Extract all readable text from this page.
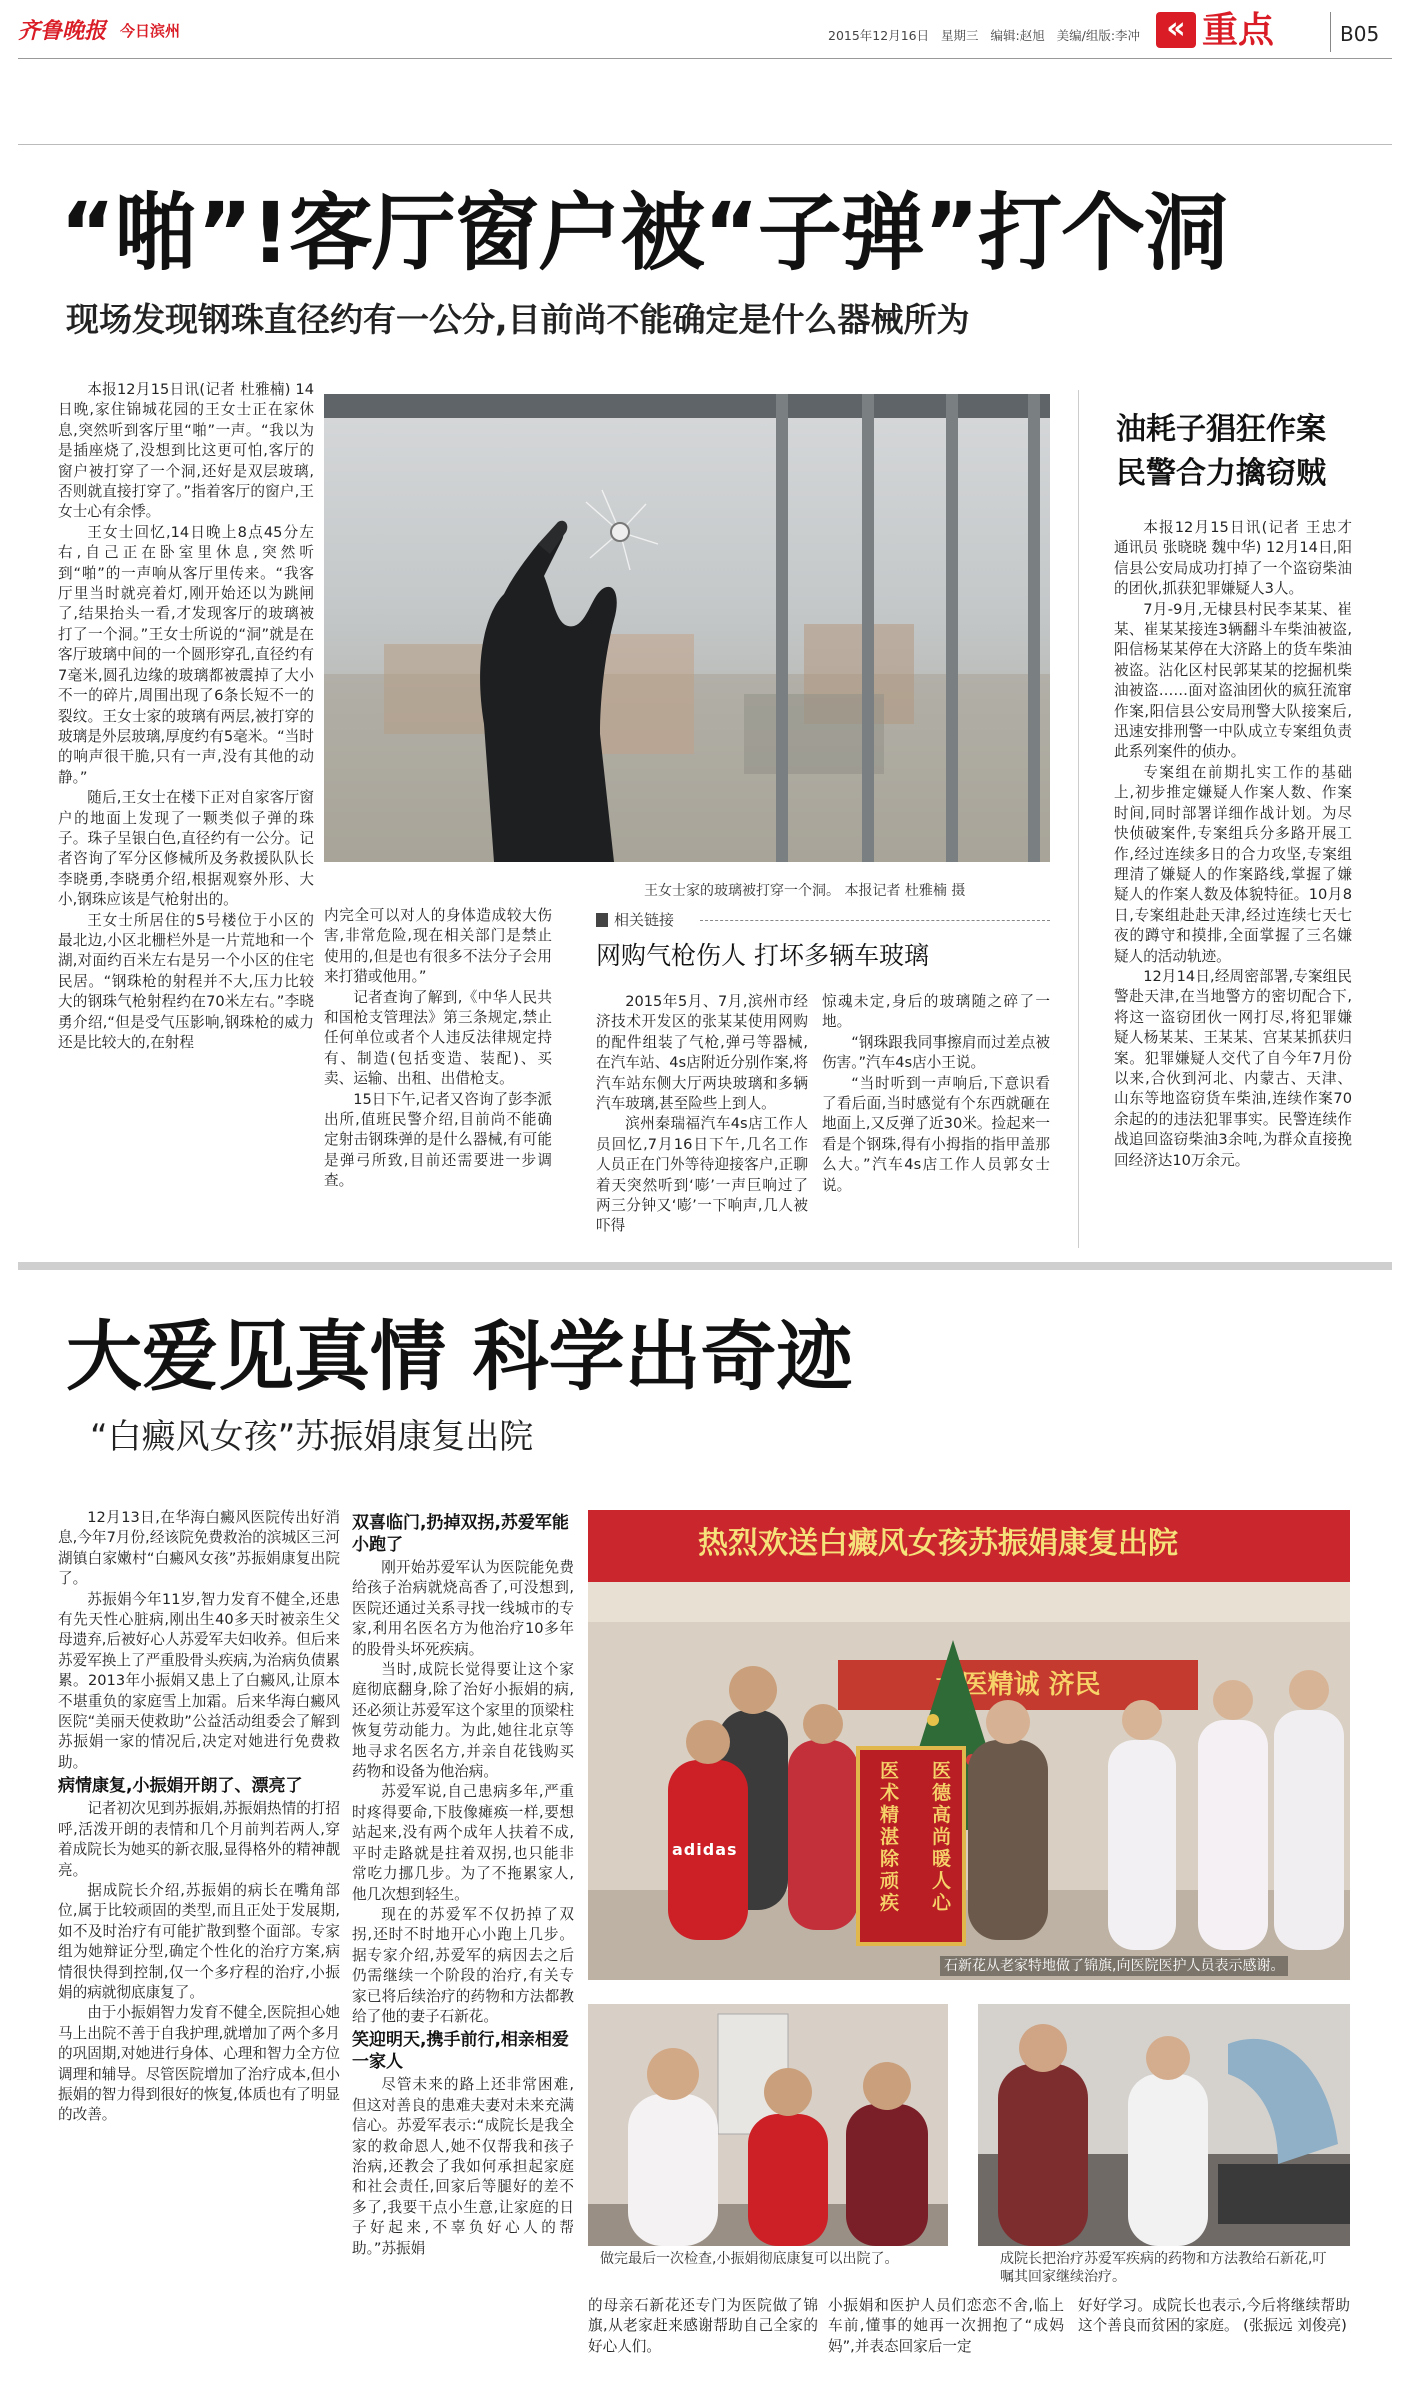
齐鲁晚报 今日滨州	2015年12月16日 星期三 编辑:赵旭 美编/组版:李冲 « 重点	B05
“啪”!客厅窗户被“子弹”打个洞
现场发现钢珠直径约有一公分,目前尚不能确定是什么器械所为

本报12月15日讯(记者 杜雅楠) 14日晚,家住锦城花园的王女士正在家休息,突然听到客厅里“啪”一声。“我以为是插座烧了,没想到比这更可怕,客厅的窗户被打穿了一个洞,还好是双层玻璃,否则就直接打穿了。”指着客厅的窗户,王女士心有余悸。

王女士回忆,14日晚上8点45分左右,自己正在卧室里休息,突然听到“啪”的一声响从客厅里传来。“我客厅里当时就亮着灯,刚开始还以为跳闸了,结果抬头一看,才发现客厅的玻璃被打了一个洞。”王女士所说的“洞”就是在客厅玻璃中间的一个圆形穿孔,直径约有7毫米,圆孔边缘的玻璃都被震掉了大小不一的碎片,周围出现了6条长短不一的裂纹。王女士家的玻璃有两层,被打穿的玻璃是外层玻璃,厚度约有5毫米。“当时的响声很干脆,只有一声,没有其他的动静。”

随后,王女士在楼下正对自家客厅窗户的地面上发现了一颗类似子弹的珠子。珠子呈银白色,直径约有一公分。记者咨询了军分区修械所及务救援队队长李晓勇,李晓勇介绍,根据观察外形、大小,钢珠应该是气枪射出的。

王女士所居住的5号楼位于小区的最北边,小区北栅栏外是一片荒地和一个湖,对面约百米左右是另一个小区的住宅民居。“钢珠枪的射程并不大,压力比较大的钢珠气枪射程约在70米左右。”李晓勇介绍,“但是受气压影响,钢珠枪的威力还是比较大的,在射程

王女士家的玻璃被打穿一个洞。 本报记者 杜雅楠 摄

内完全可以对人的身体造成较大伤害,非常危险,现在相关部门是禁止使用的,但是也有很多不法分子会用来打猎或他用。”

记者查询了解到,《中华人民共和国枪支管理法》第三条规定,禁止任何单位或者个人违反法律规定持有、制造(包括变造、装配)、买卖、运输、出租、出借枪支。

15日下午,记者又咨询了彭李派出所,值班民警介绍,目前尚不能确定射击钢珠弹的是什么器械,有可能是弹弓所致,目前还需要进一步调查。

相关链接
网购气枪伤人 打坏多辆车玻璃

2015年5月、7月,滨州市经济技术开发区的张某某使用网购的配件组装了气枪,弹弓等器械,在汽车站、4s店附近分别作案,将汽车站东侧大厅两块玻璃和多辆汽车玻璃,甚至险些上到人。

滨州秦瑞福汽车4s店工作人员回忆,7月16日下午,几名工作人员正在门外等待迎接客户,正聊着天突然听到‘嘭’一声巨响过了两三分钟又‘嘭’一下响声,几人被吓得

惊魂未定,身后的玻璃随之碎了一地。

“钢珠跟我同事擦肩而过差点被伤害。”汽车4s店小王说。

“当时听到一声响后,下意识看了看后面,当时感觉有个东西就砸在地面上,又反弹了近30米。捡起来一看是个钢珠,得有小拇指的指甲盖那么大。”汽车4s店工作人员郭女士说。

油耗子猖狂作案
民警合力擒窃贼

本报12月15日讯(记者 王忠才 通讯员 张晓晓 魏中华) 12月14日,阳信县公安局成功打掉了一个盗窃柴油的团伙,抓获犯罪嫌疑人3人。

7月-9月,无棣县村民李某某、崔某、崔某某接连3辆翻斗车柴油被盗,阳信杨某某停在大济路上的货车柴油被盗。沾化区村民郭某某的挖掘机柴油被盗……面对盗油团伙的疯狂流窜作案,阳信县公安局刑警大队接案后,迅速安排刑警一中队成立专案组负责此系列案件的侦办。

专案组在前期扎实工作的基础上,初步推定嫌疑人作案人数、作案时间,同时部署详细作战计划。为尽快侦破案件,专案组兵分多路开展工作,经过连续多日的合力攻坚,专案组理清了嫌疑人的作案路线,掌握了嫌疑人的作案人数及体貌特征。10月8日,专案组赴赴天津,经过连续七天七夜的蹲守和摸排,全面掌握了三名嫌疑人的活动轨迹。

12月14日,经周密部署,专案组民警赴天津,在当地警方的密切配合下,将这一盗窃团伙一网打尽,将犯罪嫌疑人杨某某、王某某、宫某某抓获归案。犯罪嫌疑人交代了自今年7月份以来,合伙到河北、内蒙古、天津、山东等地盗窃货车柴油,连续作案70余起的的违法犯罪事实。民警连续作战追回盗窃柴油3余吨,为群众直接挽回经济达10万余元。

大爱见真情 科学出奇迹
“白癜风女孩”苏振娟康复出院

12月13日,在华海白癜风医院传出好消息,今年7月份,经该院免费救治的滨城区三河湖镇白家嫩村“白癜风女孩”苏振娟康复出院了。

苏振娟今年11岁,智力发育不健全,还患有先天性心脏病,刚出生40多天时被亲生父母遗弃,后被好心人苏爱军夫妇收养。但后来苏爱军换上了严重股骨头疾病,为治病负债累累。2013年小振娟又患上了白癜风,让原本不堪重负的家庭雪上加霜。后来华海白癜风医院“美丽天使救助”公益活动组委会了解到苏振娟一家的情况后,决定对她进行免费救助。

病情康复,小振娟开朗了、漂亮了

记者初次见到苏振娟,苏振娟热情的打招呼,活泼开朗的表情和几个月前判若两人,穿着成院长为她买的新衣服,显得格外的精神靓亮。

据成院长介绍,苏振娟的病长在嘴角部位,属于比较顽固的类型,而且正处于发展期,如不及时治疗有可能扩散到整个面部。专家组为她辩证分型,确定个性化的治疗方案,病情很快得到控制,仅一个多疗程的治疗,小振娟的病就彻底康复了。

由于小振娟智力发育不健全,医院担心她马上出院不善于自我护理,就增加了两个多月的巩固期,对她进行身体、心理和智力全方位调理和辅导。尽管医院增加了治疗成本,但小振娟的智力得到很好的恢复,体质也有了明显的改善。

双喜临门,扔掉双拐,苏爱军能小跑了

刚开始苏爱军认为医院能免费给孩子治病就烧高香了,可没想到,医院还通过关系寻找一线城市的专家,利用名医名方为他治疗10多年的股骨头坏死疾病。

当时,成院长觉得要让这个家庭彻底翻身,除了治好小振娟的病,还必须让苏爱军这个家里的顶梁柱恢复劳动能力。为此,她往北京等地寻求名医名方,并亲自花钱购买药物和设备为他治病。

苏爱军说,自己患病多年,严重时疼得要命,下肢像瘫痪一样,要想站起来,没有两个成年人扶着不成,平时走路就是拄着双拐,也只能非常吃力挪几步。为了不拖累家人,他几次想到轻生。

现在的苏爱军不仅扔掉了双拐,还时不时地开心小跑上几步。据专家介绍,苏爱军的病因去之后仍需继续一个阶段的治疗,有关专家已将后续治疗的药物和方法都教给了他的妻子石新花。

笑迎明天,携手前行,相亲相爱一家人

尽管未来的路上还非常困难,但这对善良的患难夫妻对未来充满信心。苏爱军表示:“成院长是我全家的救命恩人,她不仅帮我和孩子治病,还教会了我如何承担起家庭和社会责任,回家后等腿好的差不多了,我要干点小生意,让家庭的日子好起来,不辜负好心人的帮助。”苏振娟

热烈欢送白癜风女孩苏振娟康复出院
大医精诚 济民
adidas
医德高尚暖人心
医术精湛除顽疾
石新花从老家特地做了锦旗,向医院医护人员表示感谢。
做完最后一次检查,小振娟彻底康复可以出院了。	成院长把治疗苏爱军疾病的药物和方法教给石新花,叮嘱其回家继续治疗。

的母亲石新花还专门为医院做了锦旗,从老家赶来感谢帮助自己全家的好心人们。

小振娟和医护人员们恋恋不舍,临上车前,懂事的她再一次拥抱了“成妈妈”,并表态回家后一定

好好学习。成院长也表示,今后将继续帮助这个善良而贫困的家庭。 (张振远 刘俊亮)
